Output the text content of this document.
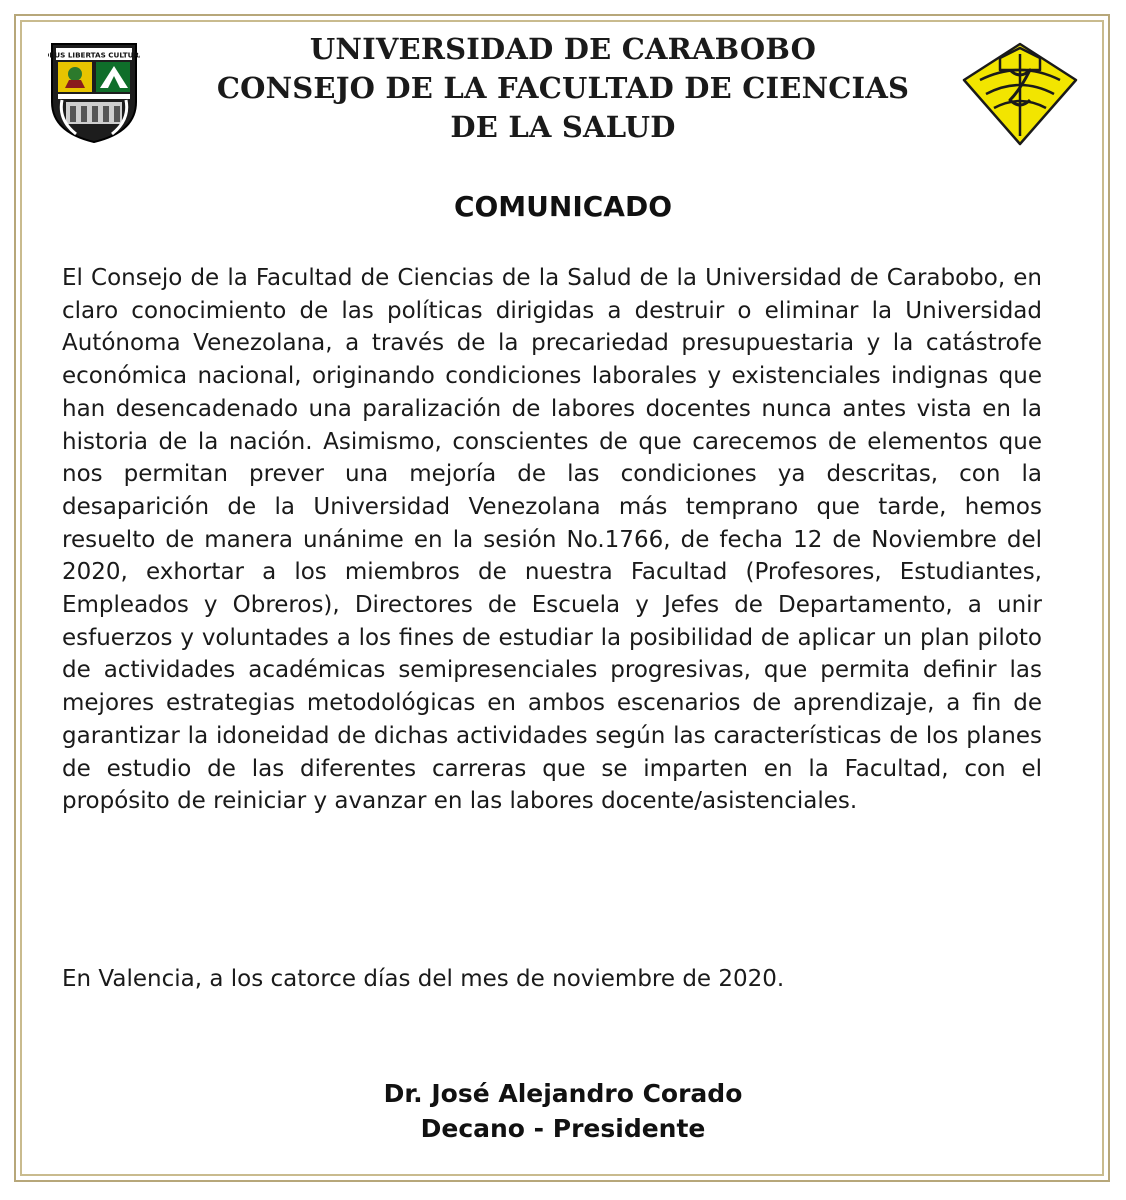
DEUS LIBERTAS CULTURA	UNIVERSIDAD DE CARABOBO
CONSEJO DE LA FACULTAD DE CIENCIAS
DE LA SALUD
COMUNICADO
El Consejo de la Facultad de Ciencias de la Salud de la Universidad de Carabobo, en claro conocimiento de las políticas dirigidas a destruir o eliminar la Universidad Autónoma Venezolana, a través de la precariedad presupuestaria y la catástrofe económica nacional, originando condiciones laborales y existenciales indignas que han desencadenado una paralización de labores docentes nunca antes vista en la historia de la nación. Asimismo, conscientes de que carecemos de elementos que nos permitan prever una mejoría de las condiciones ya descritas, con la desaparición de la Universidad Venezolana más temprano que tarde, hemos resuelto de manera unánime en la sesión No.1766, de fecha 12 de Noviembre del 2020, exhortar a los miembros de nuestra Facultad (Profesores, Estudiantes, Empleados y Obreros), Directores de Escuela y Jefes de Departamento, a unir esfuerzos y voluntades a los fines de estudiar la posibilidad de aplicar un plan piloto de actividades académicas semipresenciales progresivas, que permita definir las mejores estrategias metodológicas en ambos escenarios de aprendizaje, a fin de garantizar la idoneidad de dichas actividades según las características de los planes de estudio de las diferentes carreras que se imparten en la Facultad, con el propósito de reiniciar y avanzar en las labores docente/asistenciales.
En Valencia, a los catorce días del mes de noviembre de 2020.
Dr. José Alejandro Corado
Decano - Presidente
